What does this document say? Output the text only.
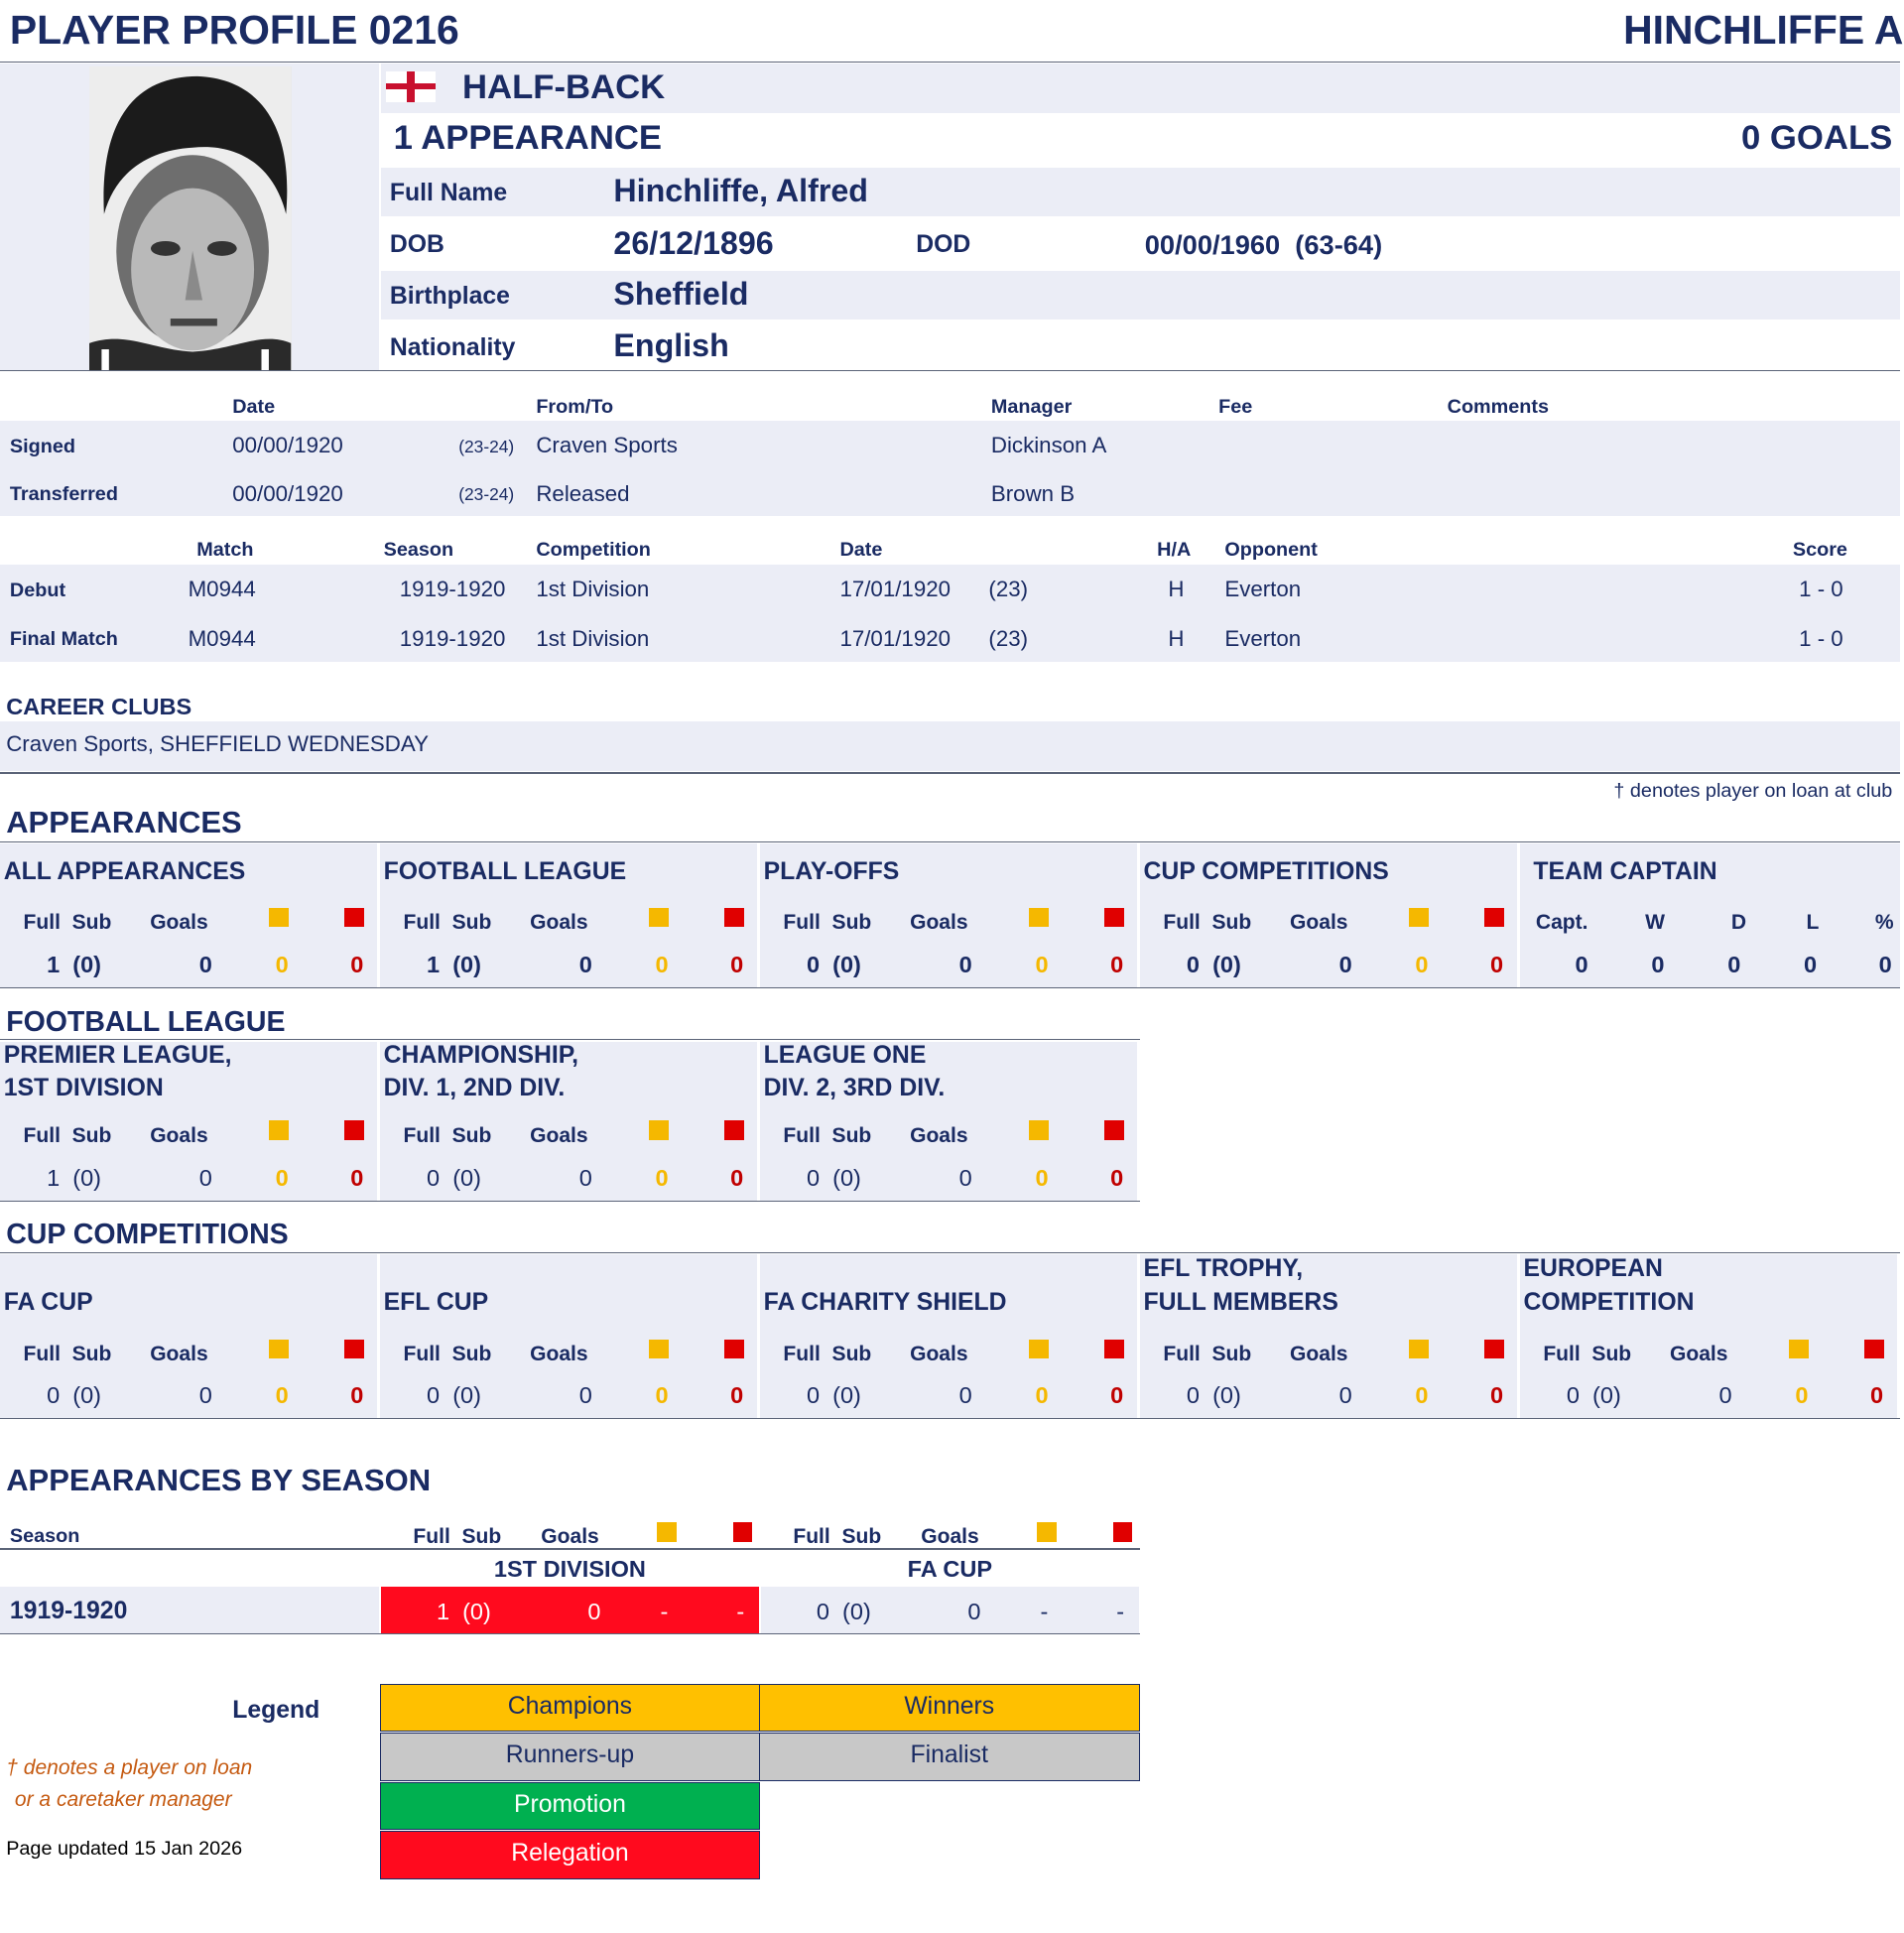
PLAYER PROFILE 0216	HINCHLIFFE A
HALF-BACK
1 APPEARANCE	0 GOALS
Full Name	Hinchliffe, Alfred
DOB	26/12/1896	DOD	00/00/1960  (63-64)
Birthplace	Sheffield
Nationality	English
Date	From/To	Manager	Fee	Comments
Signed	00/00/1920	(23-24) Craven Sports	Dickinson A
Transferred	00/00/1920	(23-24) Released	Brown B
Match	Season	Competition	Date	H/A Opponent	Score
Debut	M0944	1919-1920 1st Division	17/01/1920 (23)	H Everton	1 - 0
Final Match	M0944	1919-1920 1st Division	17/01/1920 (23)	H Everton	1 - 0
CAREER CLUBS
Craven Sports, SHEFFIELD WEDNESDAY
† denotes player on loan at club
APPEARANCES
ALL APPEARANCES
Full  Sub Goals
1  (0)	0	0	0
FOOTBALL LEAGUE
Full  Sub Goals
1  (0)	0	0	0
PLAY-OFFS
Full  Sub Goals
0  (0)	0	0	0
CUP COMPETITIONS
Full  Sub Goals
0  (0)	0	0	0
TEAM CAPTAIN
Capt.	W	D	L	%
0	0	0	0	0
FOOTBALL LEAGUE
PREMIER LEAGUE,
1ST DIVISION
Full  Sub Goals
1  (0)	0	0	0
CHAMPIONSHIP,
DIV. 1, 2ND DIV.
Full  Sub Goals
0  (0)	0	0	0
LEAGUE ONE
DIV. 2, 3RD DIV.
Full  Sub Goals
0  (0)	0	0	0
CUP COMPETITIONS
FA CUP
Full  Sub Goals
0  (0)	0	0	0
EFL CUP
Full  Sub Goals
0  (0)	0	0	0
FA CHARITY SHIELD
Full  Sub Goals
0  (0)	0	0	0
EFL TROPHY,
FULL MEMBERS
Full  Sub Goals
0  (0)	0	0	0
EUROPEAN
COMPETITION
Full  Sub Goals
0  (0)	0	0	0
APPEARANCES BY SEASON
Season	Full  Sub Goals	Full  Sub Goals
1ST DIVISION	FA CUP
1919-1920	1  (0)	0	-	-	0  (0)	0	-	-
Legend	Champions	Winners
Runners-up	Finalist
Promotion
Relegation
† denotes a player on loan
or a caretaker manager
Page updated 15 Jan 2026
